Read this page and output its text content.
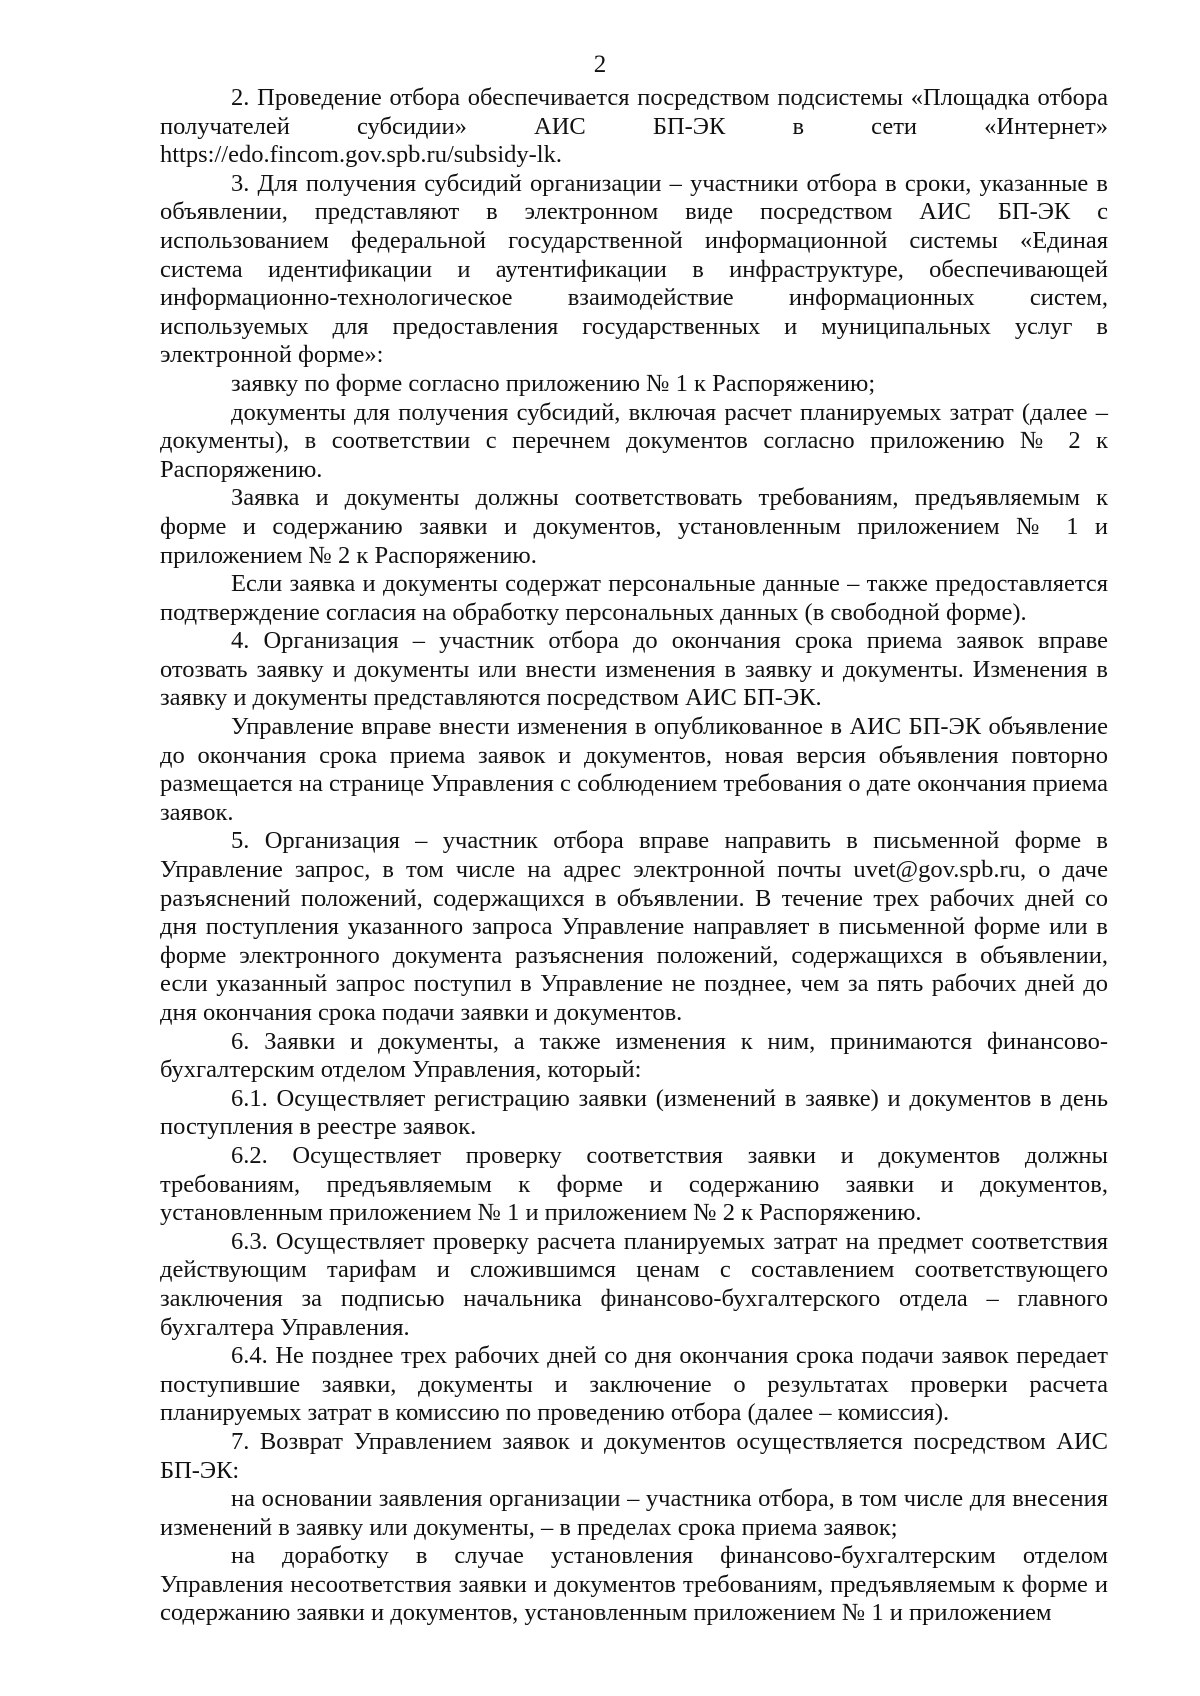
2

2. Проведение отбора обеспечивается посредством подсистемы «Площадка отбора получателей субсидии» АИС БП-ЭК в сети «Интернет» https://edo.fincom.gov.spb.ru/subsidy-lk.

3. Для получения субсидий организации – участники отбора в сроки, указанные в объявлении, представляют в электронном виде посредством АИС БП-ЭК с использованием федеральной государственной информационной системы «Единая система идентификации и аутентификации в инфраструктуре, обеспечивающей информационно-технологическое взаимодействие информационных систем, используемых для предоставления государственных и муниципальных услуг в электронной форме»:

заявку по форме согласно приложению № 1 к Распоряжению;

документы для получения субсидий, включая расчет планируемых затрат (далее – документы), в соответствии с перечнем документов согласно приложению № 2 к Распоряжению.

Заявка и документы должны соответствовать требованиям, предъявляемым к форме и содержанию заявки и документов, установленным приложением № 1 и приложением № 2 к Распоряжению.

Если заявка и документы содержат персональные данные – также предоставляется подтверждение согласия на обработку персональных данных (в свободной форме).

4. Организация – участник отбора до окончания срока приема заявок вправе отозвать заявку и документы или внести изменения в заявку и документы. Изменения в заявку и документы представляются посредством АИС БП-ЭК.

Управление вправе внести изменения в опубликованное в АИС БП-ЭК объявление до окончания срока приема заявок и документов, новая версия объявления повторно размещается на странице Управления с соблюдением требования о дате окончания приема заявок.

5. Организация – участник отбора вправе направить в письменной форме в Управление запрос, в том числе на адрес электронной почты uvet@gov.spb.ru, о даче разъяснений положений, содержащихся в объявлении. В течение трех рабочих дней со дня поступления указанного запроса Управление направляет в письменной форме или в форме электронного документа разъяснения положений, содержащихся в объявлении, если указанный запрос поступил в Управление не позднее, чем за пять рабочих дней до дня окончания срока подачи заявки и документов.

6. Заявки и документы, а также изменения к ним, принимаются финансово-бухгалтерским отделом Управления, который:

6.1. Осуществляет регистрацию заявки (изменений в заявке) и документов в день поступления в реестре заявок.

6.2. Осуществляет проверку соответствия заявки и документов должны требованиям, предъявляемым к форме и содержанию заявки и документов, установленным приложением № 1 и приложением № 2 к Распоряжению.

6.3. Осуществляет проверку расчета планируемых затрат на предмет соответствия действующим тарифам и сложившимся ценам с составлением соответствующего заключения за подписью начальника финансово-бухгалтерского отдела – главного бухгалтера Управления.

6.4. Не позднее трех рабочих дней со дня окончания срока подачи заявок передает поступившие заявки, документы и заключение о результатах проверки расчета планируемых затрат в комиссию по проведению отбора (далее – комиссия).

7. Возврат Управлением заявок и документов осуществляется посредством АИС БП-ЭК:

на основании заявления организации – участника отбора, в том числе для внесения изменений в заявку или документы, – в пределах срока приема заявок;

на доработку в случае установления финансово-бухгалтерским отделом Управления несоответствия заявки и документов требованиям, предъявляемым к форме и содержанию заявки и документов, установленным приложением № 1 и приложением
